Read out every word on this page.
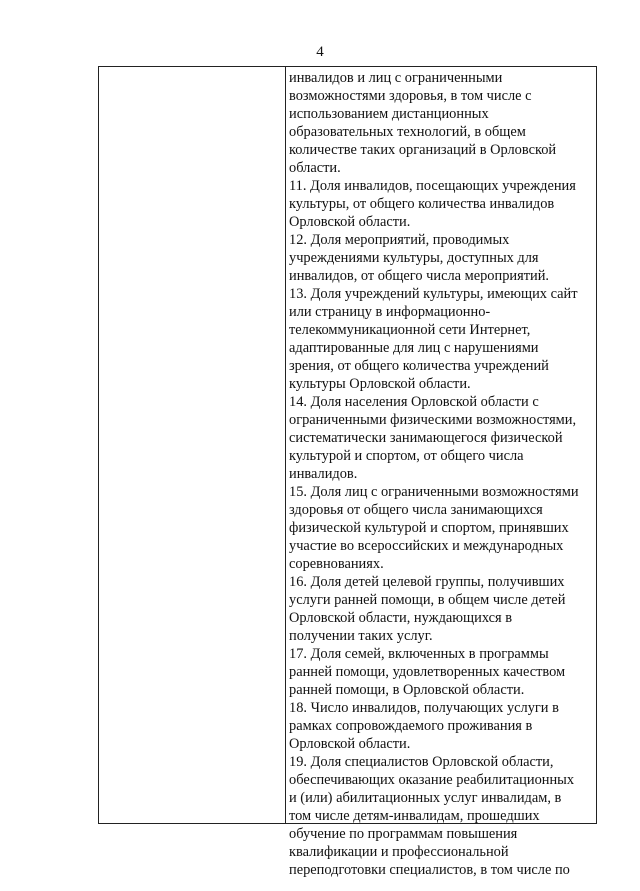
4
инвалидов и лиц с ограниченными
возможностями здоровья, в том числе с
использованием дистанционных
образовательных технологий, в общем
количестве таких организаций в Орловской
области.
11. Доля инвалидов, посещающих учреждения
культуры, от общего количества инвалидов
Орловской области.
12. Доля мероприятий, проводимых
учреждениями культуры, доступных для
инвалидов, от общего числа мероприятий.
13. Доля учреждений культуры, имеющих сайт
или страницу в информационно-
телекоммуникационной сети Интернет,
адаптированные для лиц с нарушениями
зрения, от общего количества учреждений
культуры Орловской области.
14. Доля населения Орловской области с
ограниченными физическими возможностями,
систематически занимающегося физической
культурой и спортом, от общего числа
инвалидов.
15. Доля лиц с ограниченными возможностями
здоровья от общего числа занимающихся
физической культурой и спортом, принявших
участие во всероссийских и международных
соревнованиях.
16. Доля детей целевой группы, получивших
услуги ранней помощи, в общем числе детей
Орловской области, нуждающихся в
получении таких услуг.
17. Доля семей, включенных в программы
ранней помощи, удовлетворенных качеством
ранней помощи, в Орловской области.
18. Число инвалидов, получающих услуги в
рамках сопровождаемого проживания в
Орловской области.
19. Доля специалистов Орловской области,
обеспечивающих оказание реабилитационных
и (или) абилитационных услуг инвалидам, в
том числе детям-инвалидам, прошедших
обучение по программам повышения
квалификации и профессиональной
переподготовки специалистов, в том числе по
